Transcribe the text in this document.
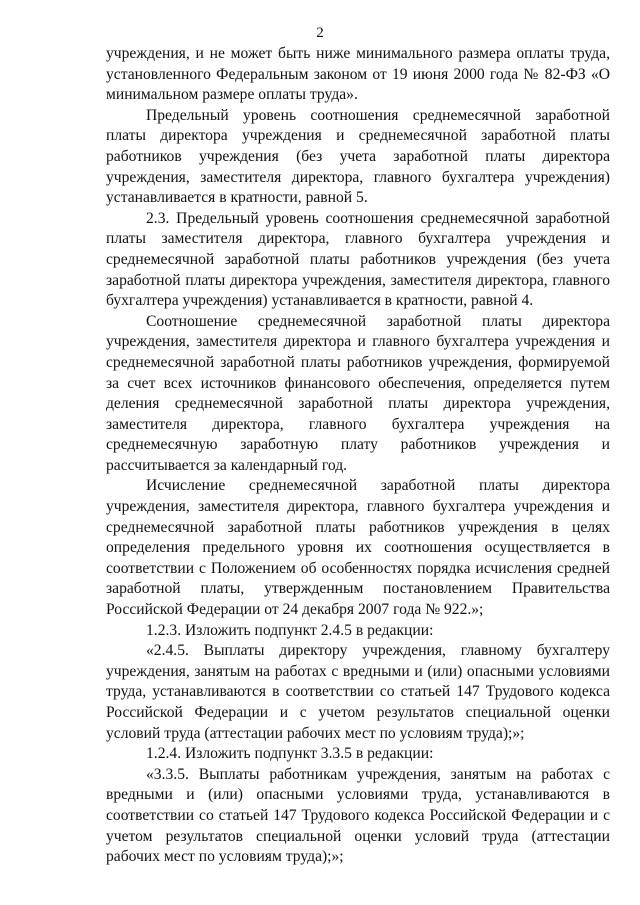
2

учреждения, и не может быть ниже минимального размера оплаты труда, установленного Федеральным законом от 19 июня 2000 года № 82-ФЗ «О минимальном размере оплаты труда».

Предельный уровень соотношения среднемесячной заработной платы директора учреждения и среднемесячной заработной платы работников учреждения (без учета заработной платы директора учреждения, заместителя директора, главного бухгалтера учреждения) устанавливается в кратности, равной 5.

2.3. Предельный уровень соотношения среднемесячной заработной платы заместителя директора, главного бухгалтера учреждения и среднемесячной заработной платы работников учреждения (без учета заработной платы директора учреждения, заместителя директора, главного бухгалтера учреждения) устанавливается в кратности, равной 4.

Соотношение среднемесячной заработной платы директора учреждения, заместителя директора и главного бухгалтера учреждения и среднемесячной заработной платы работников учреждения, формируемой за счет всех источников финансового обеспечения, определяется путем деления среднемесячной заработной платы директора учреждения, заместителя директора, главного бухгалтера учреждения на среднемесячную заработную плату работников учреждения и рассчитывается за календарный год.

Исчисление среднемесячной заработной платы директора учреждения, заместителя директора, главного бухгалтера учреждения и среднемесячной заработной платы работников учреждения в целях определения предельного уровня их соотношения осуществляется в соответствии с Положением об особенностях порядка исчисления средней заработной платы, утвержденным постановлением Правительства Российской Федерации от 24 декабря 2007 года № 922.»;

1.2.3. Изложить подпункт 2.4.5 в редакции:

«2.4.5. Выплаты директору учреждения, главному бухгалтеру учреждения, занятым на работах с вредными и (или) опасными условиями труда, устанавливаются в соответствии со статьей 147 Трудового кодекса Российской Федерации и с учетом результатов специальной оценки условий труда (аттестации рабочих мест по условиям труда);»;

1.2.4. Изложить подпункт 3.3.5 в редакции:

«3.3.5. Выплаты работникам учреждения, занятым на работах с вредными и (или) опасными условиями труда, устанавливаются в соответствии со статьей 147 Трудового кодекса Российской Федерации и с учетом результатов специальной оценки условий труда (аттестации рабочих мест по условиям труда);»;
